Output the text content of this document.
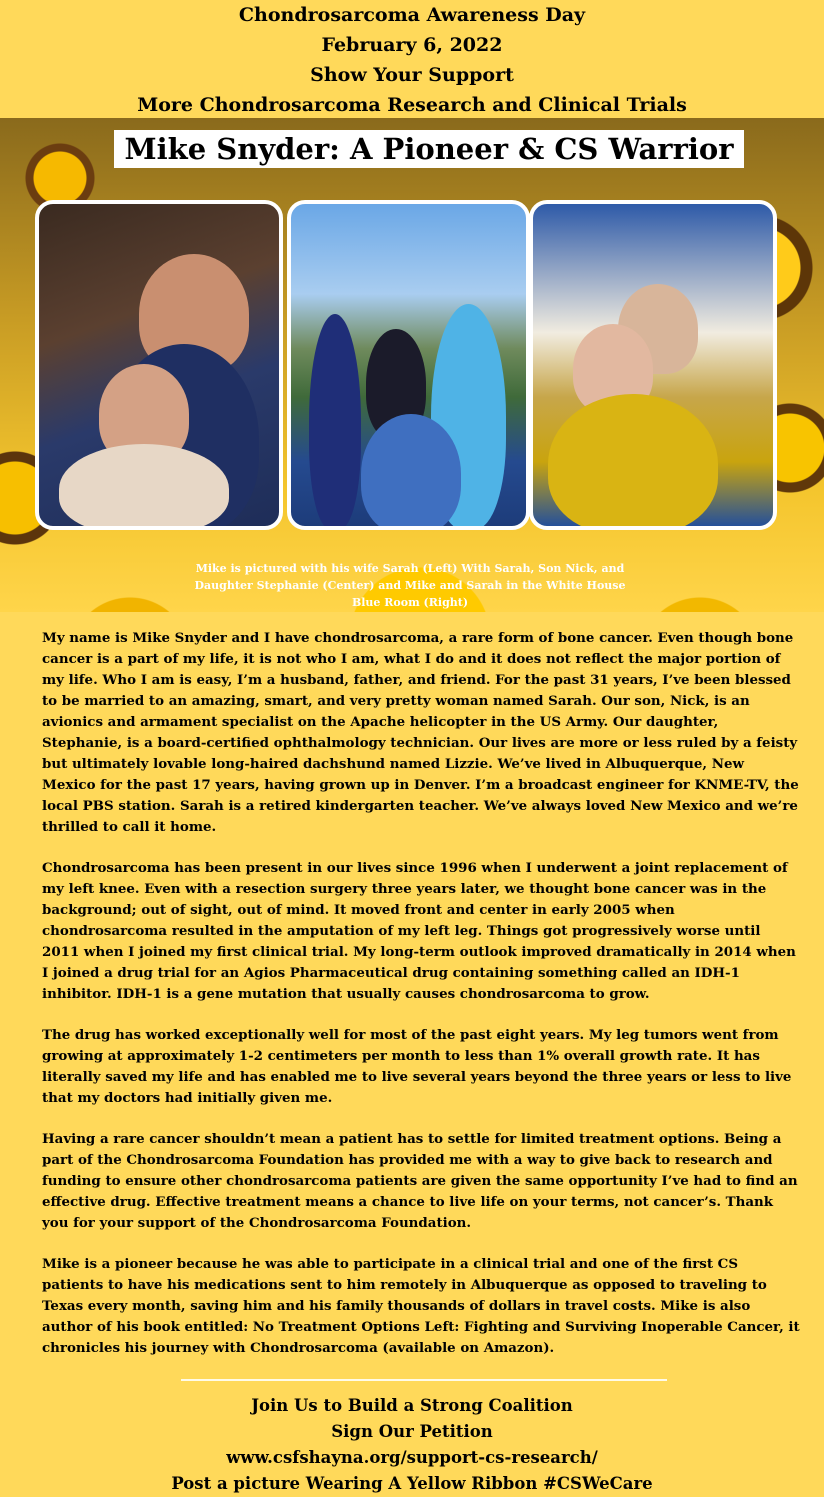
Chondrosarcoma Awareness Day
February 6, 2022
Show Your Support
More Chondrosarcoma Research and Clinical Trials
Mike Snyder: A Pioneer & CS Warrior
Mike is pictured with his wife Sarah (Left) With Sarah, Son Nick, and Daughter Stephanie (Center) and Mike and Sarah in the White House Blue Room (Right)

My name is Mike Snyder and I have chondrosarcoma, a rare form of bone cancer. Even though bone cancer is a part of my life, it is not who I am, what I do and it does not reflect the major portion of my life. Who I am is easy, I’m a husband, father, and friend. For the past 31 years, I’ve been blessed to be married to an amazing, smart, and very pretty woman named Sarah. Our son, Nick, is an avionics and armament specialist on the Apache helicopter in the US Army. Our daughter, Stephanie, is a board-certified ophthalmology technician. Our lives are more or less ruled by a feisty but ultimately lovable long-haired dachshund named Lizzie. We’ve lived in Albuquerque, New Mexico for the past 17 years, having grown up in Denver. I’m a broadcast engineer for KNME-TV, the local PBS station. Sarah is a retired kindergarten teacher. We’ve always loved New Mexico and we’re thrilled to call it home.

Chondrosarcoma has been present in our lives since 1996 when I underwent a joint replacement of my left knee. Even with a resection surgery three years later, we thought bone cancer was in the background; out of sight, out of mind. It moved front and center in early 2005 when chondrosarcoma resulted in the amputation of my left leg. Things got progressively worse until 2011 when I joined my first clinical trial. My long-term outlook improved dramatically in 2014 when I joined a drug trial for an Agios Pharmaceutical drug containing something called an IDH-1 inhibitor. IDH-1 is a gene mutation that usually causes chondrosarcoma to grow.

The drug has worked exceptionally well for most of the past eight years. My leg tumors went from growing at approximately 1-2 centimeters per month to less than 1% overall growth rate. It has literally saved my life and has enabled me to live several years beyond the three years or less to live that my doctors had initially given me.

Having a rare cancer shouldn’t mean a patient has to settle for limited treatment options. Being a part of the Chondrosarcoma Foundation has provided me with a way to give back to research and funding to ensure other chondrosarcoma patients are given the same opportunity I’ve had to find an effective drug. Effective treatment means a chance to live life on your terms, not cancer’s. Thank you for your support of the Chondrosarcoma Foundation.

Mike is a pioneer because he was able to participate in a clinical trial and one of the first CS patients to have his medications sent to him remotely in Albuquerque as opposed to traveling to Texas every month, saving him and his family thousands of dollars in travel costs. Mike is also author of his book entitled: No Treatment Options Left: Fighting and Surviving Inoperable Cancer, it chronicles his journey with Chondrosarcoma (available on Amazon).

Join Us to Build a Strong Coalition
Sign Our Petition
www.csfshayna.org/support-cs-research/
Post a picture Wearing A Yellow Ribbon #CSWeCare
